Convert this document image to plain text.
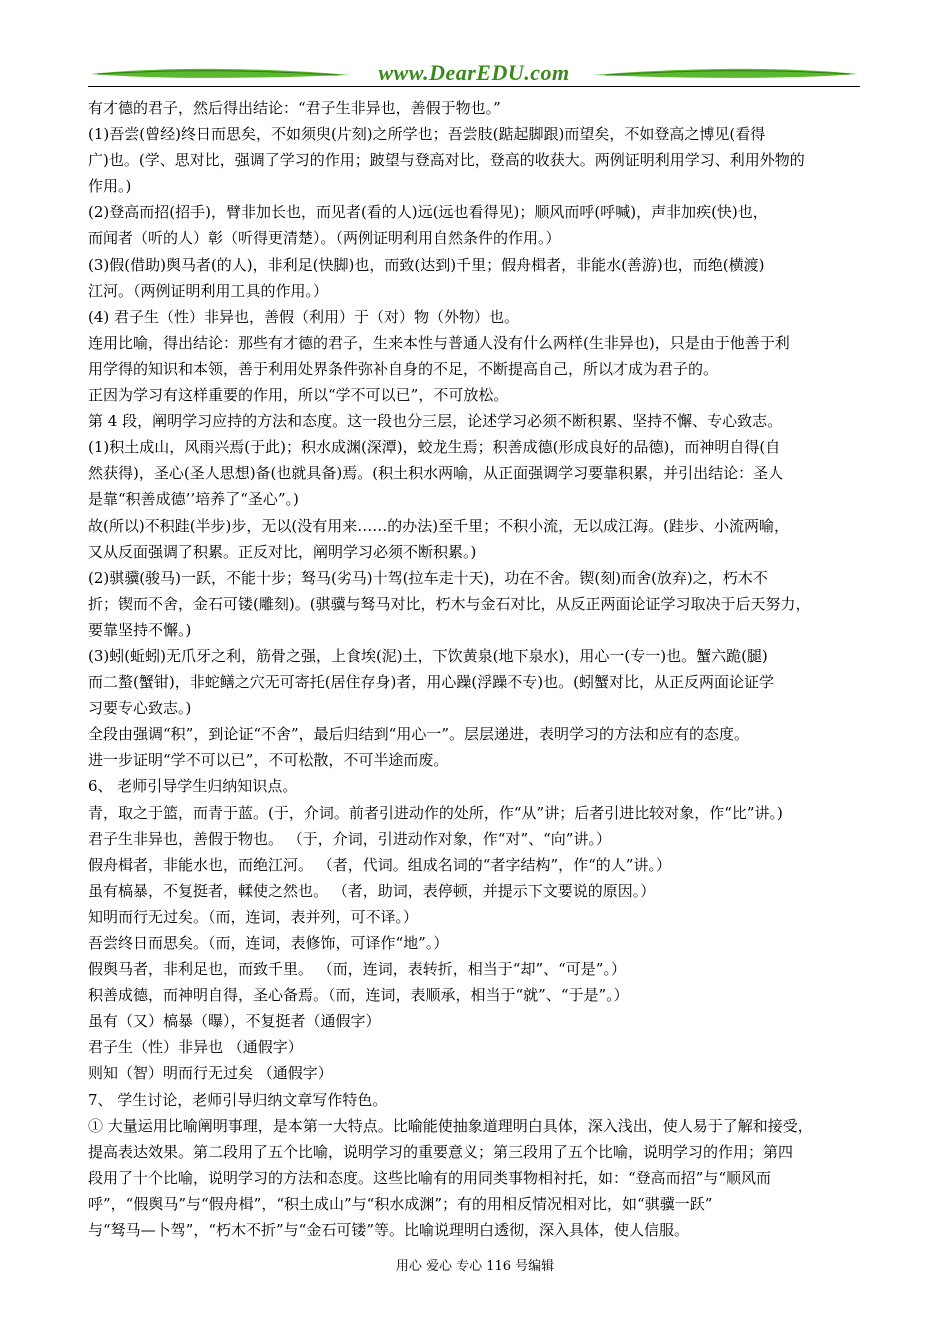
www.DearEDU.com
有才德的君子，然后得出结论：“君子生非异也，善假于物也。”
(1)吾尝(曾经)终日而思矣，不如须臾(片刻)之所学也；吾尝肢(踮起脚跟)而望矣，不如登高之博见(看得
广)也。(学、思对比，强调了学习的作用；跛望与登高对比，登高的收获大。两例证明利用学习、利用外物的
作用。)
(2)登高而招(招手)，臂非加长也，而见者(看的人)远(远也看得见)；顺风而呼(呼喊)，声非加疾(快)也，
而闻者（听的人）彰（听得更清楚）。（两例证明利用自然条件的作用。）
(3)假(借助)舆马者(的人)，非利足(快脚)也，而致(达到)千里；假舟楫者，非能水(善游)也，而绝(横渡)
江河。（两例证明利用工具的作用。）
(4) 君子生（性）非异也，善假（利用）于（对）物（外物）也。
连用比喻，得出结论：那些有才德的君子，生来本性与普通人没有什么两样(生非异也)，只是由于他善于利
用学得的知识和本领，善于利用处界条件弥补自身的不足，不断提高自己，所以才成为君子的。
正因为学习有这样重要的作用，所以“学不可以已”，不可放松。
第 4 段，阐明学习应持的方法和态度。这一段也分三层，论述学习必须不断积累、坚持不懈、专心致志。
(1)积土成山，风雨兴焉(于此)；积水成渊(深潭)，蛟龙生焉；积善成德(形成良好的品德)，而神明自得(自
然获得)，圣心(圣人思想)备(也就具备)焉。(积土积水两喻，从正面强调学习要靠积累，并引出结论：圣人
是靠“积善成德’’培养了“圣心”。)
故(所以)不积跬(半步)步，无以(没有用来……的办法)至千里；不积小流，无以成江海。(跬步、小流两喻，
又从反面强调了积累。正反对比，阐明学习必须不断积累。)
(2)骐骥(骏马)一跃，不能十步；驽马(劣马)十驾(拉车走十天)，功在不舍。锲(刻)而舍(放弃)之，朽木不
折；锲而不舍，金石可镂(雕刻)。(骐骥与驽马对比，朽木与金石对比，从反正两面论证学习取决于后天努力，
要靠坚持不懈。)
(3)蚓(蚯蚓)无爪牙之利，筋骨之强，上食埃(泥)土，下饮黄泉(地下泉水)，用心一(专一)也。蟹六跪(腿)
而二螯(蟹钳)，非蛇鳝之穴无可寄托(居住存身)者，用心躁(浮躁不专)也。(蚓蟹对比，从正反两面论证学
习要专心致志。)
全段由强调“积”，到论证“不舍”，最后归结到“用心一”。层层递进，表明学习的方法和应有的态度。
进一步证明“学不可以已”，不可松散，不可半途而废。
6、 老师引导学生归纳知识点。
青，取之于篮，而青于蓝。(于，介词。前者引进动作的处所，作“从”讲；后者引进比较对象，作“比”讲。)
君子生非异也，善假于物也。 （于，介词，引进动作对象，作“对”、“向”讲。）
假舟楫者，非能水也，而绝江河。 （者，代词。组成名词的“者字结构”，作“的人”讲。）
虽有槁暴，不复挺者，輮使之然也。 （者，助词，表停顿，并提示下文要说的原因。）
知明而行无过矣。（而，连词，表并列，可不译。）
吾尝终日而思矣。（而，连词，表修饰，可译作“地”。）
假舆马者，非利足也，而致千里。 （而，连词，表转折，相当于“却”、“可是”。）
积善成德，而神明自得，圣心备焉。（而，连词，表顺承，相当于“就”、“于是”。）
虽有（又）槁暴（曝），不复挺者（通假字）
君子生（性）非异也 （通假字）
则知（智）明而行无过矣 （通假字）
7、 学生讨论，老师引导归纳文章写作特色。
① 大量运用比喻阐明事理，是本第一大特点。比喻能使抽象道理明白具体，深入浅出，使人易于了解和接受，
提高表达效果。第二段用了五个比喻，说明学习的重要意义；第三段用了五个比喻，说明学习的作用；第四
段用了十个比喻，说明学习的方法和态度。这些比喻有的用同类事物相衬托，如：“登高而招”与“顺风而
呼”，“假舆马”与“假舟楫”，“积土成山”与“积水成渊”；有的用相反情况相对比，如“骐骥一跃”
与“驽马—卜驾”，“朽木不折”与“金石可镂”等。比喻说理明白透彻，深入具体，使人信服。
用心 爱心 专心 116 号编辑
